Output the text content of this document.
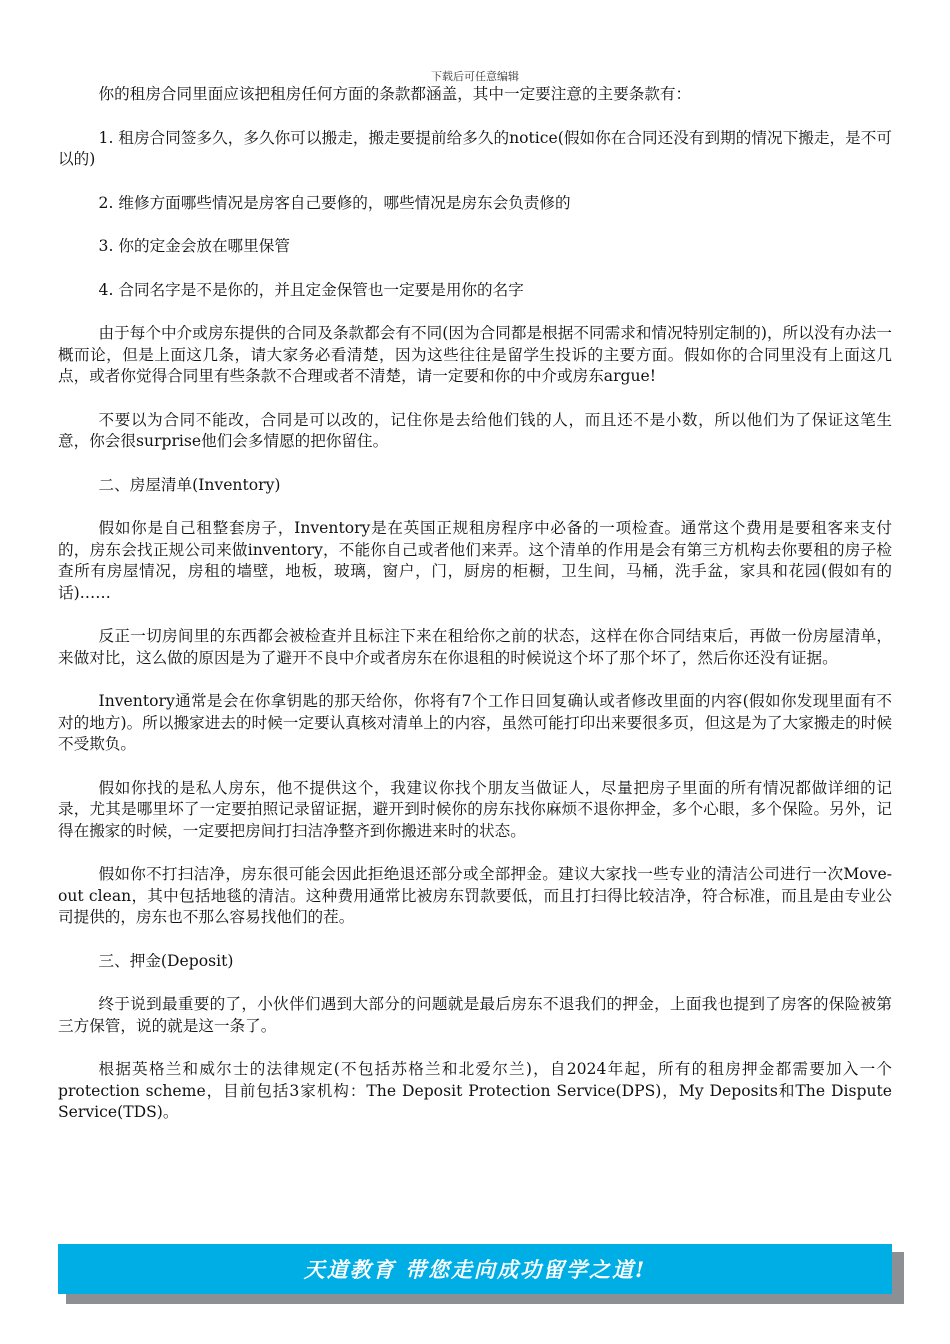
下载后可任意编辑

你的租房合同里面应该把租房任何方面的条款都涵盖，其中一定要注意的主要条款有：

1. 租房合同签多久，多久你可以搬走，搬走要提前给多久的notice(假如你在合同还没有到期的情况下搬走，是不可以的)

2. 维修方面哪些情况是房客自己要修的，哪些情况是房东会负责修的

3. 你的定金会放在哪里保管

4. 合同名字是不是你的，并且定金保管也一定要是用你的名字

由于每个中介或房东提供的合同及条款都会有不同(因为合同都是根据不同需求和情况特别定制的)，所以没有办法一概而论，但是上面这几条，请大家务必看清楚，因为这些往往是留学生投诉的主要方面。假如你的合同里没有上面这几点，或者你觉得合同里有些条款不合理或者不清楚，请一定要和你的中介或房东argue!

不要以为合同不能改，合同是可以改的，记住你是去给他们钱的人，而且还不是小数，所以他们为了保证这笔生意，你会很surprise他们会多情愿的把你留住。

二、房屋清单(Inventory)

假如你是自己租整套房子，Inventory是在英国正规租房程序中必备的一项检查。通常这个费用是要租客来支付的，房东会找正规公司来做inventory，不能你自己或者他们来弄。这个清单的作用是会有第三方机构去你要租的房子检查所有房屋情况，房租的墙壁，地板，玻璃，窗户，门，厨房的柜橱，卫生间，马桶，洗手盆，家具和花园(假如有的话)……

反正一切房间里的东西都会被检查并且标注下来在租给你之前的状态，这样在你合同结束后，再做一份房屋清单，来做对比，这么做的原因是为了避开不良中介或者房东在你退租的时候说这个坏了那个坏了，然后你还没有证据。

Inventory通常是会在你拿钥匙的那天给你，你将有7个工作日回复确认或者修改里面的内容(假如你发现里面有不对的地方)。所以搬家进去的时候一定要认真核对清单上的内容，虽然可能打印出来要很多页，但这是为了大家搬走的时候不受欺负。

假如你找的是私人房东，他不提供这个，我建议你找个朋友当做证人，尽量把房子里面的所有情况都做详细的记录，尤其是哪里坏了一定要拍照记录留证据，避开到时候你的房东找你麻烦不退你押金，多个心眼，多个保险。另外，记得在搬家的时候，一定要把房间打扫洁净整齐到你搬进来时的状态。

假如你不打扫洁净，房东很可能会因此拒绝退还部分或全部押金。建议大家找一些专业的清洁公司进行一次Move-out clean，其中包括地毯的清洁。这种费用通常比被房东罚款要低，而且打扫得比较洁净，符合标准，而且是由专业公司提供的，房东也不那么容易找他们的茬。

三、押金(Deposit)

终于说到最重要的了，小伙伴们遇到大部分的问题就是最后房东不退我们的押金，上面我也提到了房客的保险被第三方保管，说的就是这一条了。

根据英格兰和威尔士的法律规定(不包括苏格兰和北爱尔兰)，自2024年起，所有的租房押金都需要加入一个protection scheme，目前包括3家机构：The Deposit Protection Service(DPS)，My Deposits和The Dispute Service(TDS)。

天道教育 带您走向成功留学之道!
